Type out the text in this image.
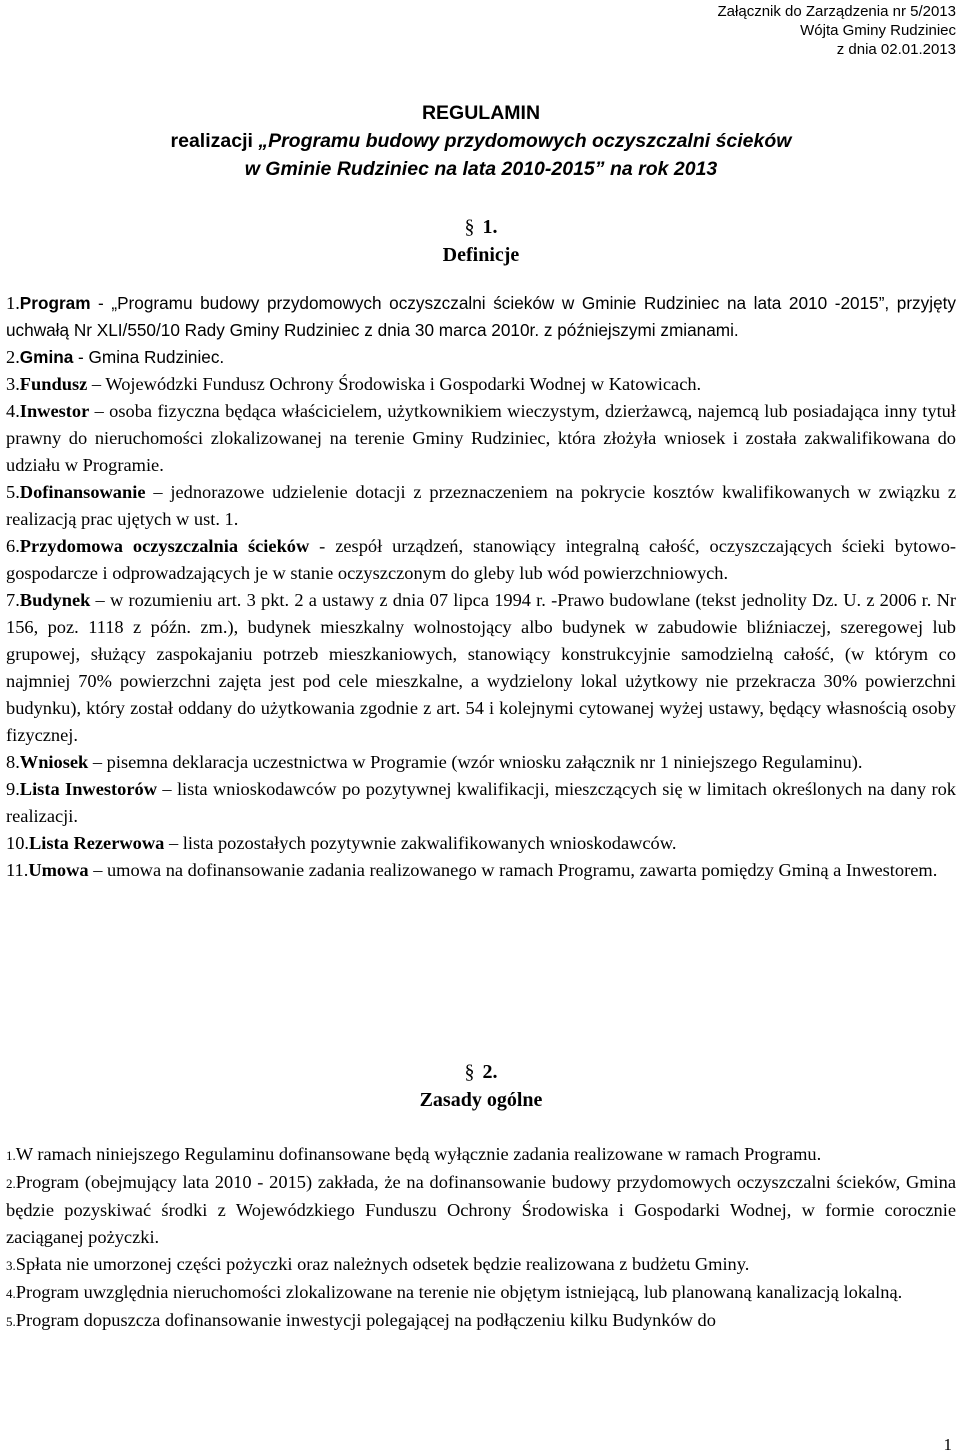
Załącznik do Zarządzenia nr 5/2013
Wójta Gminy Rudziniec
z dnia 02.01.2013
REGULAMIN
realizacji „Programu budowy przydomowych oczyszczalni ścieków
w Gminie Rudziniec na lata 2010-2015” na rok 2013
§ 1.
Definicje

1.Program - „Programu budowy przydomowych oczyszczalni ścieków w Gminie Rudziniec na lata 2010 -2015”, przyjęty uchwałą Nr XLI/550/10 Rady Gminy Rudziniec z dnia 30 marca 2010r. z późniejszymi zmianami.

2.Gmina - Gmina Rudziniec.

3.Fundusz – Wojewódzki Fundusz Ochrony Środowiska i Gospodarki Wodnej w Katowicach.

4.Inwestor – osoba fizyczna będąca właścicielem, użytkownikiem wieczystym, dzierżawcą, najemcą lub posiadająca inny tytuł prawny do nieruchomości zlokalizowanej na terenie Gminy Rudziniec, która złożyła wniosek i została zakwalifikowana do udziału w Programie.

5.Dofinansowanie – jednorazowe udzielenie dotacji z przeznaczeniem na pokrycie kosztów kwalifikowanych w związku z realizacją prac ujętych w ust. 1.

6.Przydomowa oczyszczalnia ścieków - zespół urządzeń, stanowiący integralną całość, oczyszczających ścieki bytowo-gospodarcze i odprowadzających je w stanie oczyszczonym do gleby lub wód powierzchniowych.

7.Budynek – w rozumieniu art. 3 pkt. 2 a ustawy z dnia 07 lipca 1994 r. -Prawo budowlane (tekst jednolity Dz. U. z 2006 r. Nr 156, poz. 1118 z późn. zm.), budynek mieszkalny wolnostojący albo budynek w zabudowie bliźniaczej, szeregowej lub grupowej, służący zaspokajaniu potrzeb mieszkaniowych, stanowiący konstrukcyjnie samodzielną całość, (w którym co najmniej 70% powierzchni zajęta jest pod cele mieszkalne, a wydzielony lokal użytkowy nie przekracza 30% powierzchni budynku), który został oddany do użytkowania zgodnie z art. 54 i kolejnymi cytowanej wyżej ustawy, będący własnością osoby fizycznej.

8.Wniosek – pisemna deklaracja uczestnictwa w Programie (wzór wniosku załącznik nr 1 niniejszego Regulaminu).

9.Lista Inwestorów – lista wnioskodawców po pozytywnej kwalifikacji, mieszczących się w limitach określonych na dany rok realizacji.

10.Lista Rezerwowa – lista pozostałych pozytywnie zakwalifikowanych wnioskodawców.

11.Umowa – umowa na dofinansowanie zadania realizowanego w ramach Programu, zawarta pomiędzy Gminą a Inwestorem.

§ 2.
Zasady ogólne

1.W ramach niniejszego Regulaminu dofinansowane będą wyłącznie zadania realizowane w ramach Programu.

2.Program (obejmujący lata 2010 - 2015) zakłada, że na dofinansowanie budowy przydomowych oczyszczalni ścieków, Gmina będzie pozyskiwać środki z Wojewódzkiego Funduszu Ochrony Środowiska i Gospodarki Wodnej, w formie corocznie zaciąganej pożyczki.

3.Spłata nie umorzonej części pożyczki oraz należnych odsetek będzie realizowana z budżetu Gminy.

4.Program uwzględnia nieruchomości zlokalizowane na terenie nie objętym istniejącą, lub planowaną kanalizacją lokalną.

5.Program dopuszcza dofinansowanie inwestycji polegającej na podłączeniu kilku Budynków do

1
